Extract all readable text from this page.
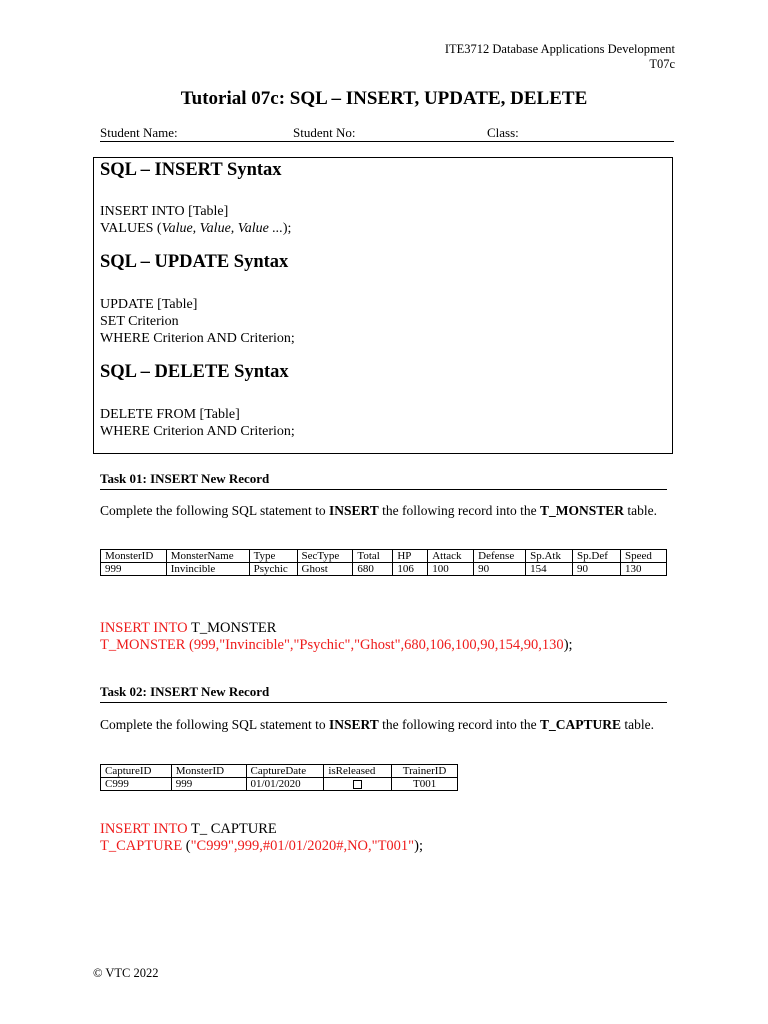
ITE3712 Database Applications Development
T07c
Tutorial 07c: SQL – INSERT, UPDATE, DELETE
Student Name:	Student No:	Class:
SQL – INSERT Syntax
INSERT INTO [Table]
VALUES (Value, Value, Value ...);
SQL – UPDATE Syntax
UPDATE [Table]
SET Criterion
WHERE Criterion AND Criterion;
SQL – DELETE Syntax
DELETE FROM [Table]
WHERE Criterion AND Criterion;
Task 01: INSERT New Record
Complete the following SQL statement to INSERT the following record into the T_MONSTER table.
MonsterID	MonsterName	Type	SecType	Total	HP	Attack	Defense	Sp.Atk	Sp.Def	Speed
999	Invincible	Psychic	Ghost	680	106	100	90	154	90	130
INSERT INTO T_MONSTER
T_MONSTER (999,"Invincible","Psychic","Ghost",680,106,100,90,154,90,130);
Task 02: INSERT New Record
Complete the following SQL statement to INSERT the following record into the T_CAPTURE table.
CaptureID	MonsterID	CaptureDate	isReleased	TrainerID
C999	999	01/01/2020		T001
INSERT INTO T_ CAPTURE
T_CAPTURE ("C999",999,#01/01/2020#,NO,"T001");
© VTC 2022
